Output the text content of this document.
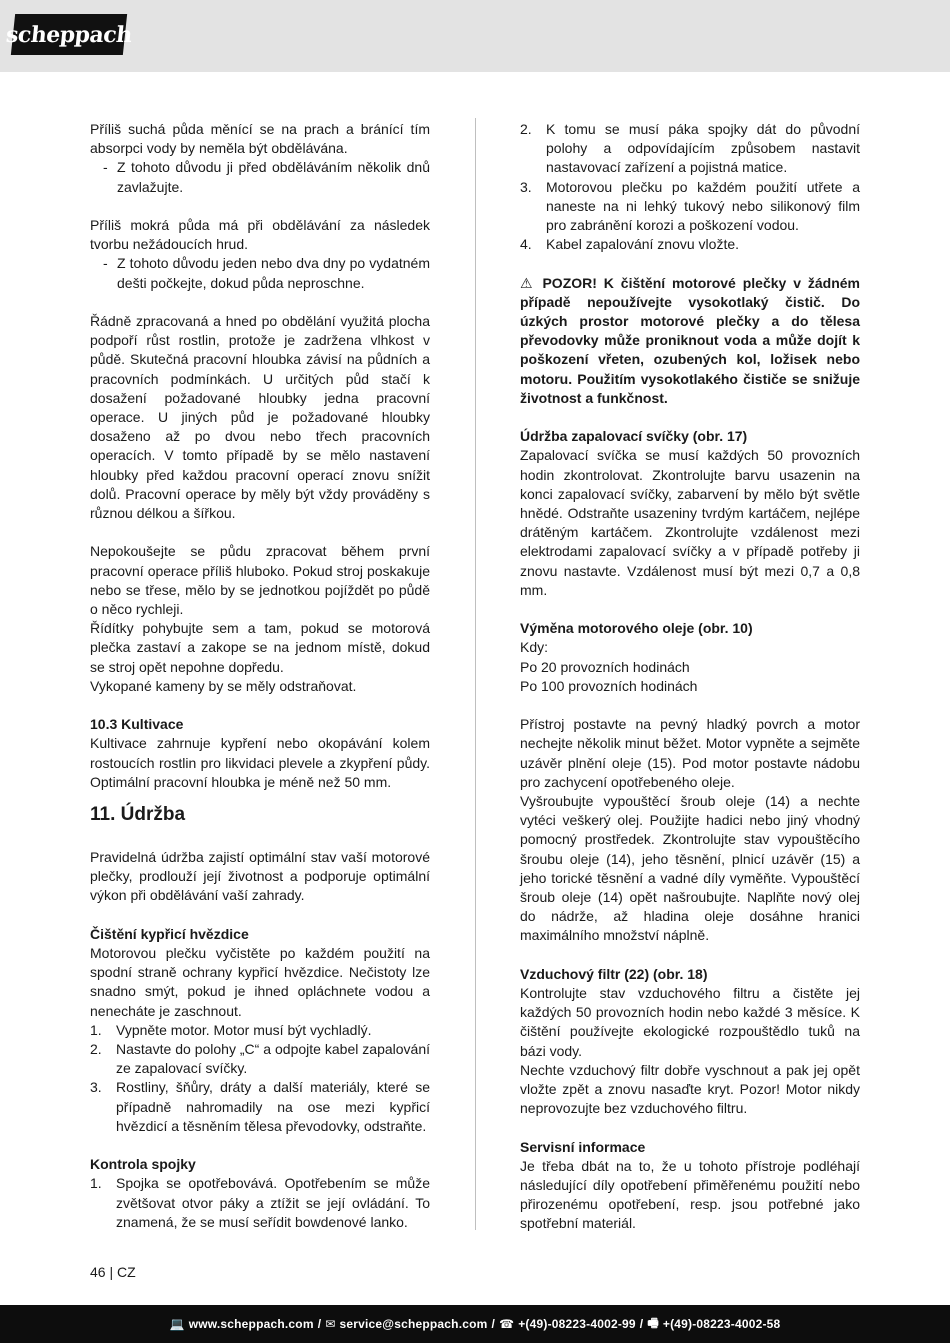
scheppach

Příliš suchá půda měnící se na prach a bránící tím absorpci vody by neměla být obdělávána.

- Z tohoto důvodu ji před obděláváním několik dnů zavlažujte.

Příliš mokrá půda má při obdělávání za následek tvorbu nežádoucích hrud.

- Z tohoto důvodu jeden nebo dva dny po vydatném dešti počkejte, dokud půda neproschne.

Řádně zpracovaná a hned po obdělání využitá plocha podpoří růst rostlin, protože je zadržena vlhkost v půdě. Skutečná pracovní hloubka závisí na půdních a pracovních podmínkách. U určitých půd stačí k dosažení požadované hloubky jedna pracovní operace. U jiných půd je požadované hloubky dosaženo až po dvou nebo třech pracovních operacích. V tomto případě by se mělo nastavení hloubky před každou pracovní operací znovu snížit dolů. Pracovní operace by měly být vždy prováděny s různou délkou a šířkou.

Nepokoušejte se půdu zpracovat během první pracovní operace příliš hluboko. Pokud stroj poskakuje nebo se třese, mělo by se jednotkou pojíždět po půdě o něco rychleji.

Řídítky pohybujte sem a tam, pokud se motorová plečka zastaví a zakope se na jednom místě, dokud se stroj opět nepohne dopředu.

Vykopané kameny by se měly odstraňovat.

10.3 Kultivace

Kultivace zahrnuje kypření nebo okopávání kolem rostoucích rostlin pro likvidaci plevele a zkypření půdy. Optimální pracovní hloubka je méně než 50 mm.

11. Údržba

Pravidelná údržba zajistí optimální stav vaší motorové plečky, prodlouží její životnost a podporuje optimální výkon při obdělávání vaší zahrady.

Čištění kypřicí hvězdice

Motorovou plečku vyčistěte po každém použití na spodní straně ochrany kypřicí hvězdice. Nečistoty lze snadno smýt, pokud je ihned opláchnete vodou a nenecháte je zaschnout.

1.	Vypněte motor. Motor musí být vychladlý.
2.	Nastavte do polohy „C“ a odpojte kabel zapalování ze zapalovací svíčky.
3.	Rostliny, šňůry, dráty a další materiály, které se případně nahromadily na ose mezi kypřicí hvězdicí a těsněním tělesa převodovky, odstraňte.

Kontrola spojky

1.	Spojka se opotřebovává. Opotřebením se může zvětšovat otvor páky a ztížit se její ovládání. To znamená, že se musí seřídit bowdenové lanko.
2.	K tomu se musí páka spojky dát do původní polohy a odpovídajícím způsobem nastavit nastavovací zařízení a pojistná matice.
3.	Motorovou plečku po každém použití utřete a naneste na ni lehký tukový nebo silikonový film pro zabránění korozi a poškození vodou.
4.	Kabel zapalování znovu vložte.

⚠ POZOR! K čištění motorové plečky v žádném případě nepoužívejte vysokotlaký čistič. Do úzkých prostor motorové plečky a do tělesa převodovky může proniknout voda a může dojít k poškození vřeten, ozubených kol, ložisek nebo motoru. Použitím vysokotlakého čističe se snižuje životnost a funkčnost.

Údržba zapalovací svíčky (obr. 17)

Zapalovací svíčka se musí každých 50 provozních hodin zkontrolovat. Zkontrolujte barvu usazenin na konci zapalovací svíčky, zabarvení by mělo být světle hnědé. Odstraňte usazeniny tvrdým kartáčem, nejlépe drátěným kartáčem. Zkontrolujte vzdálenost mezi elektrodami zapalovací svíčky a v případě potřeby ji znovu nastavte. Vzdálenost musí být mezi 0,7 a 0,8 mm.

Výměna motorového oleje (obr. 10)

Kdy:

Po 20 provozních hodinách

Po 100 provozních hodinách

Přístroj postavte na pevný hladký povrch a motor nechejte několik minut běžet. Motor vypněte a sejměte uzávěr plnění oleje (15). Pod motor postavte nádobu pro zachycení opotřebeného oleje.

Vyšroubujte vypouštěcí šroub oleje (14) a nechte vytéci veškerý olej. Použijte hadici nebo jiný vhodný pomocný prostředek. Zkontrolujte stav vypouštěcího šroubu oleje (14), jeho těsnění, plnicí uzávěr (15) a jeho torické těsnění a vadné díly vyměňte. Vypouštěcí šroub oleje (14) opět našroubujte. Naplňte nový olej do nádrže, až hladina oleje dosáhne hranici maximálního množství náplně.

Vzduchový filtr (22) (obr. 18)

Kontrolujte stav vzduchového filtru a čistěte jej každých 50 provozních hodin nebo každé 3 měsíce. K čištění používejte ekologické rozpouštědlo tuků na bázi vody.

Nechte vzduchový filtr dobře vyschnout a pak jej opět vložte zpět a znovu nasaďte kryt. Pozor! Motor nikdy neprovozujte bez vzduchového filtru.

Servisní informace

Je třeba dbát na to, že u tohoto přístroje podléhají následující díly opotřebení přiměřenému použití nebo přirozenému opotřebení, resp. jsou potřebné jako spotřební materiál.

46 | CZ
💻 www.scheppach.com / ✉ service@scheppach.com / ☎ +(49)-08223-4002-99 / 🖷 +(49)-08223-4002-58
